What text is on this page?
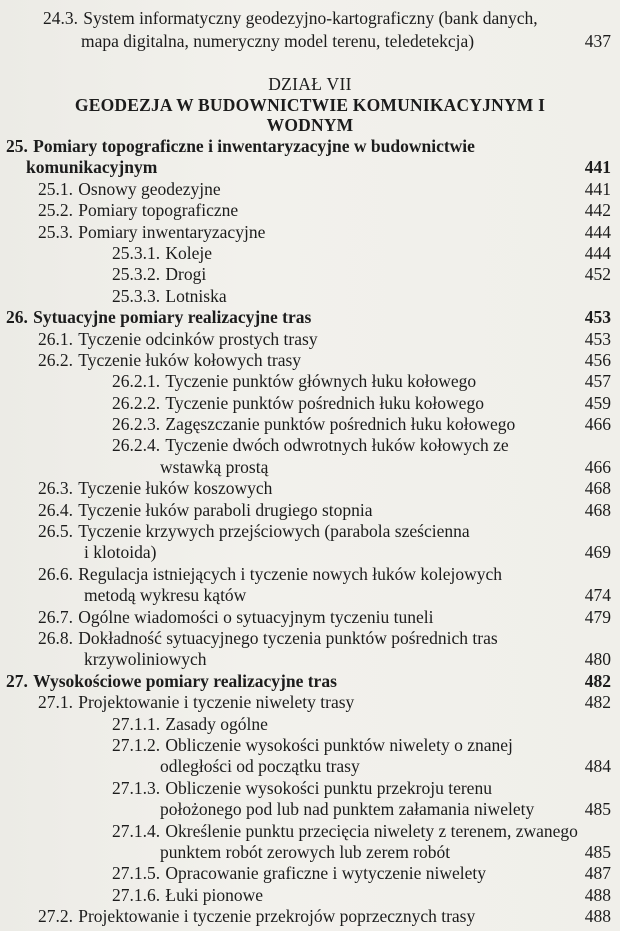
24.3. System informatyczny geodezyjno-kartograficzny (bank danych,
mapa digitalna, numeryczny model terenu, teledetekcja)	437
DZIAŁ VII
GEODEZJA W BUDOWNICTWIE KOMUNIKACYJNYM I
WODNYM
25. Pomiary topograficzne i inwentaryzacyjne w budownictwie
komunikacyjnym	441
25.1. Osnowy geodezyjne	441
25.2. Pomiary topograficzne	442
25.3. Pomiary inwentaryzacyjne	444
25.3.1. Koleje	444
25.3.2. Drogi	452
25.3.3. Lotniska
26. Sytuacyjne pomiary realizacyjne tras	453
26.1. Tyczenie odcinków prostych trasy	453
26.2. Tyczenie łuków kołowych trasy	456
26.2.1. Tyczenie punktów głównych łuku kołowego	457
26.2.2. Tyczenie punktów pośrednich łuku kołowego	459
26.2.3. Zagęszczanie punktów pośrednich łuku kołowego	466
26.2.4. Tyczenie dwóch odwrotnych łuków kołowych ze
wstawką prostą	466
26.3. Tyczenie łuków koszowych	468
26.4. Tyczenie łuków paraboli drugiego stopnia	468
26.5. Tyczenie krzywych przejściowych (parabola sześcienna
i klotoida)	469
26.6. Regulacja istniejących i tyczenie nowych łuków kolejowych
metodą wykresu kątów	474
26.7. Ogólne wiadomości o sytuacyjnym tyczeniu tuneli	479
26.8. Dokładność sytuacyjnego tyczenia punktów pośrednich tras
krzywoliniowych	480
27. Wysokościowe pomiary realizacyjne tras	482
27.1. Projektowanie i tyczenie niwelety trasy	482
27.1.1. Zasady ogólne
27.1.2. Obliczenie wysokości punktów niwelety o znanej
odległości od początku trasy	484
27.1.3. Obliczenie wysokości punktu przekroju terenu
położonego pod lub nad punktem załamania niwelety	485
27.1.4. Określenie punktu przecięcia niwelety z terenem, zwanego
punktem robót zerowych lub zerem robót	485
27.1.5. Opracowanie graficzne i wytyczenie niwelety	487
27.1.6. Łuki pionowe	488
27.2. Projektowanie i tyczenie przekrojów poprzecznych trasy	488
